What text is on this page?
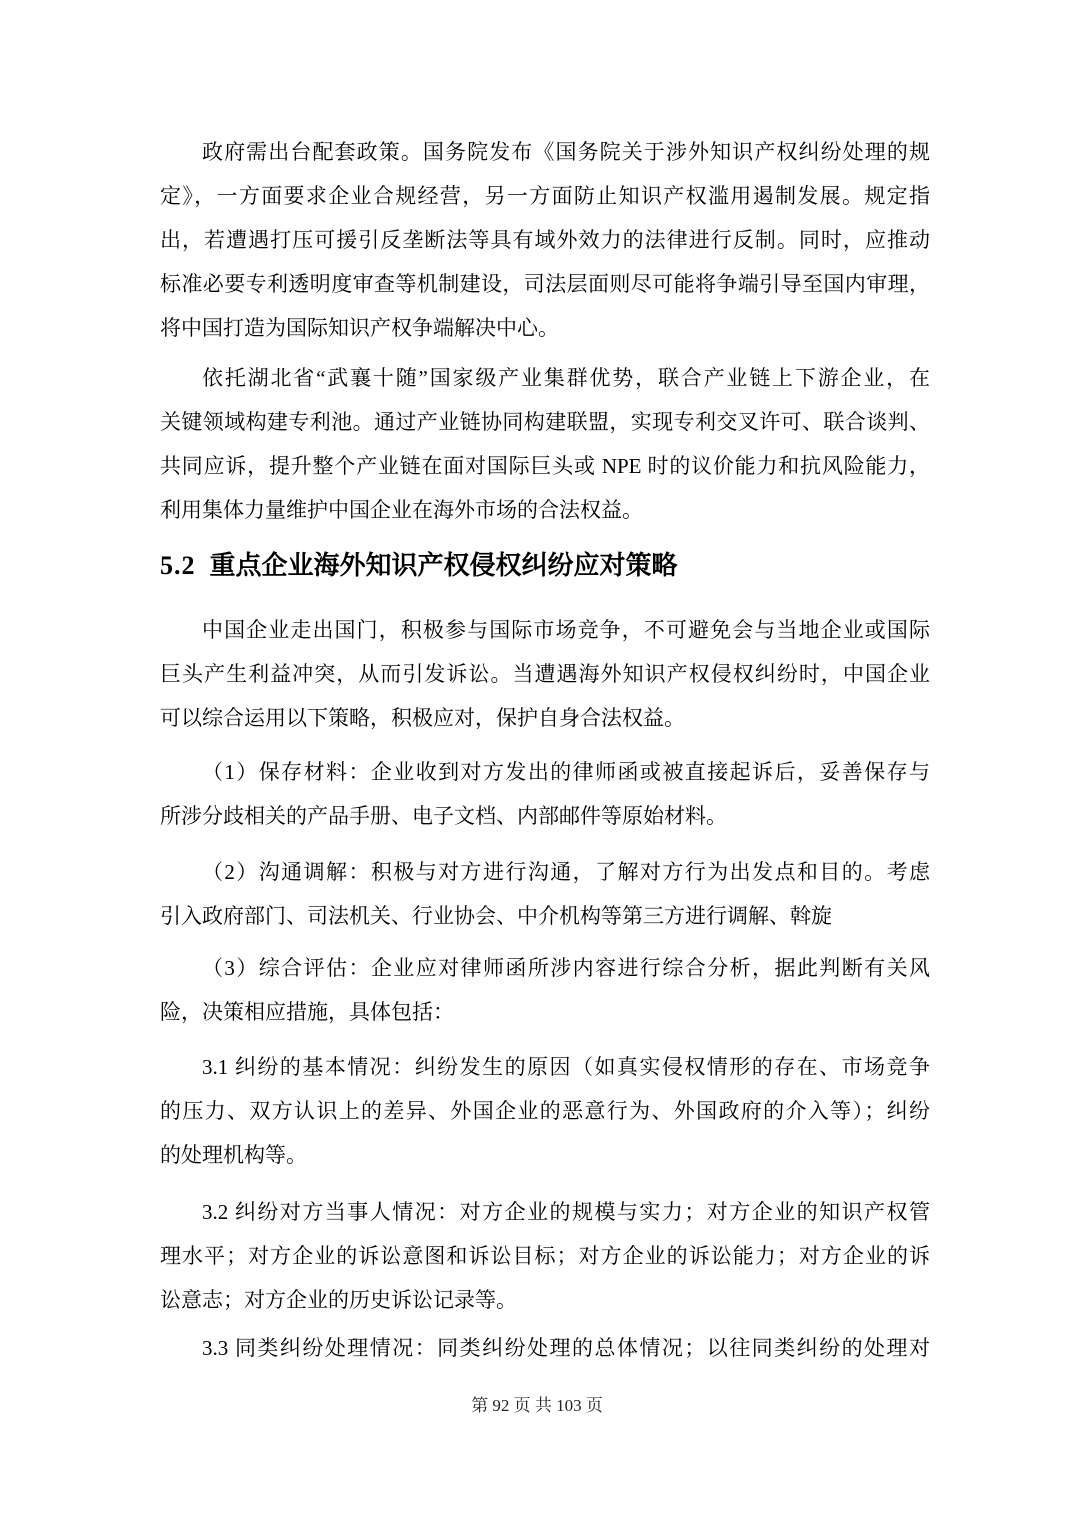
政府需出台配套政策。国务院发布《国务院关于涉外知识产权纠纷处理的规
定》，一方面要求企业合规经营，另一方面防止知识产权滥用遏制发展。规定指
出，若遭遇打压可援引反垄断法等具有域外效力的法律进行反制。同时，应推动
标准必要专利透明度审查等机制建设，司法层面则尽可能将争端引导至国内审理，
将中国打造为国际知识产权争端解决中心。
依托湖北省“武襄十随”国家级产业集群优势，联合产业链上下游企业，在
关键领域构建专利池。通过产业链协同构建联盟，实现专利交叉许可、联合谈判、
共同应诉，提升整个产业链在面对国际巨头或 NPE 时的议价能力和抗风险能力，
利用集体力量维护中国企业在海外市场的合法权益。
5.2 重点企业海外知识产权侵权纠纷应对策略
中国企业走出国门，积极参与国际市场竞争，不可避免会与当地企业或国际
巨头产生利益冲突，从而引发诉讼。当遭遇海外知识产权侵权纠纷时，中国企业
可以综合运用以下策略，积极应对，保护自身合法权益。
（1）保存材料：企业收到对方发出的律师函或被直接起诉后，妥善保存与
所涉分歧相关的产品手册、电子文档、内部邮件等原始材料。
（2）沟通调解：积极与对方进行沟通，了解对方行为出发点和目的。考虑
引入政府部门、司法机关、行业协会、中介机构等第三方进行调解、斡旋
（3）综合评估：企业应对律师函所涉内容进行综合分析，据此判断有关风
险，决策相应措施，具体包括：
3.1 纠纷的基本情况：纠纷发生的原因（如真实侵权情形的存在、市场竞争
的压力、双方认识上的差异、外国企业的恶意行为、外国政府的介入等）；纠纷
的处理机构等。
3.2 纠纷对方当事人情况：对方企业的规模与实力；对方企业的知识产权管
理水平；对方企业的诉讼意图和诉讼目标；对方企业的诉讼能力；对方企业的诉
讼意志；对方企业的历史诉讼记录等。
3.3 同类纠纷处理情况：同类纠纷处理的总体情况；以往同类纠纷的处理对
第 92 页 共 103 页
